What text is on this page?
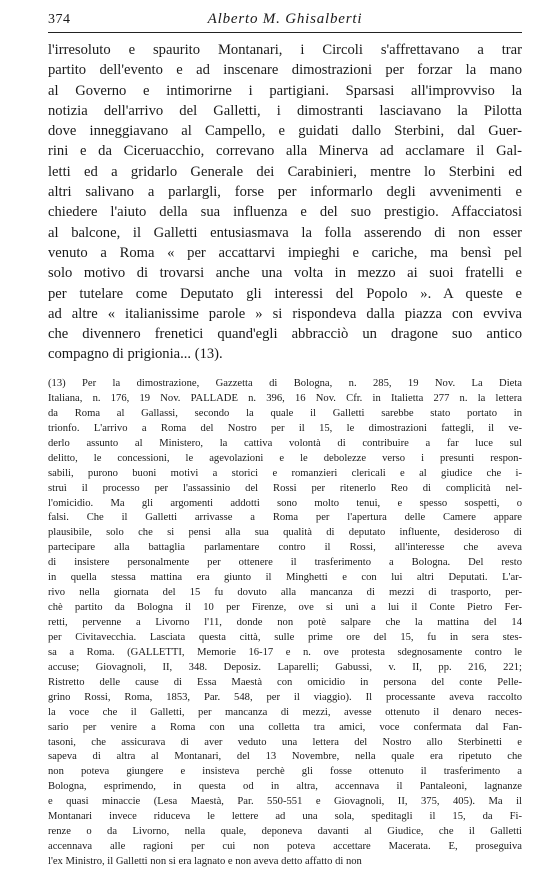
374	Alberto M. Ghisalberti
l'irresoluto e spaurito Montanari, i Circoli s'affrettavano a trar
partito dell'evento e ad inscenare dimostrazioni per forzar la mano
al Governo e intimorirne i partigiani. Sparsasi all'improvviso la
notizia dell'arrivo del Galletti, i dimostranti lasciavano la Pilotta
dove inneggiavano al Campello, e guidati dallo Sterbini, dal Guer-
rini e da Ciceruacchio, correvano alla Minerva ad acclamare il Gal-
letti ed a gridarlo Generale dei Carabinieri, mentre lo Sterbini ed
altri salivano a parlargli, forse per informarlo degli avvenimenti e
chiedere l'aiuto della sua influenza e del suo prestigio. Affacciatosi
al balcone, il Galletti entusiasmava la folla asserendo di non esser
venuto a Roma « per accattarvi impieghi e cariche, ma bensì pel
solo motivo di trovarsi anche una volta in mezzo ai suoi fratelli e
per tutelare come Deputato gli interessi del Popolo ». A queste e
ad altre « italianissime parole » si rispondeva dalla piazza con evviva
che divennero frenetici quand'egli abbracciò un dragone suo antico
compagno di prigionia... (13).
(13) Per la dimostrazione, Gazzetta di Bologna, n. 285, 19 Nov. La Dieta
Italiana, n. 176, 19 Nov. PALLADE n. 396, 16 Nov. Cfr. in Italietta 277 n. la lettera
da Roma al Gallassi, secondo la quale il Galletti sarebbe stato portato in
trionfo. L'arrivo a Roma del Nostro per il 15, le dimostrazioni fattegli, il ve-
derlo assunto al Ministero, la cattiva volontà di contribuire a far luce sul
delitto, le concessioni, le agevolazioni e le debolezze verso i presunti respon-
sabili, purono buoni motivi a storici e romanzieri clericali e al giudice che i-
struì il processo per l'assassinio del Rossi per ritenerlo Reo di complicità nel-
l'omicidio. Ma gli argomenti addotti sono molto tenui, e spesso sospetti, o
falsi. Che il Galletti arrivasse a Roma per l'apertura delle Camere appare
plausibile, solo che si pensi alla sua qualità di deputato influente, desideroso di
partecipare alla battaglia parlamentare contro il Rossi, all'interesse che aveva
di insistere personalmente per ottenere il trasferimento a Bologna. Del resto
in quella stessa mattina era giunto il Minghetti e con lui altri Deputati. L'ar-
rivo nella giornata del 15 fu dovuto alla mancanza di mezzi di trasporto, per-
chè partito da Bologna il 10 per Firenze, ove si unì a lui il Conte Pietro Fer-
retti, pervenne a Livorno l'11, donde non potè salpare che la mattina del 14
per Civitavecchia. Lasciata questa città, sulle prime ore del 15, fu in sera stes-
sa a Roma. (GALLETTI, Memorie 16-17 e n. ove protesta sdegnosamente contro le
accuse; Giovagnoli, II, 348. Deposiz. Laparelli; Gabussi, v. II, pp. 216, 221;
Ristretto delle cause di Essa Maestà con omicidio in persona del conte Pelle-
grino Rossi, Roma, 1853, Par. 548, per il viaggio). Il processante aveva raccolto
la voce che il Galletti, per mancanza di mezzi, avesse ottenuto il denaro neces-
sario per venire a Roma con una colletta tra amici, voce confermata dal Fan-
tasoni, che assicurava di aver veduto una lettera del Nostro allo Sterbinetti e
sapeva di altra al Montanari, del 13 Novembre, nella quale era ripetuto che
non poteva giungere e insisteva perchè gli fosse ottenuto il trasferimento a
Bologna, esprimendo, in questa od in altra, accennava il Pantaleoni, lagnanze
e quasi minaccie (Lesa Maestà, Par. 550-551 e Giovagnoli, II, 375, 405). Ma il
Montanari invece riduceva le lettere ad una sola, speditagli il 15, da Fi-
renze o da Livorno, nella quale, deponeva davanti al Giudice, che il Galletti
accennava alle ragioni per cui non poteva accettare Macerata. E, proseguiva
l'ex Ministro, il Galletti non si era lagnato e non aveva detto affatto di non
